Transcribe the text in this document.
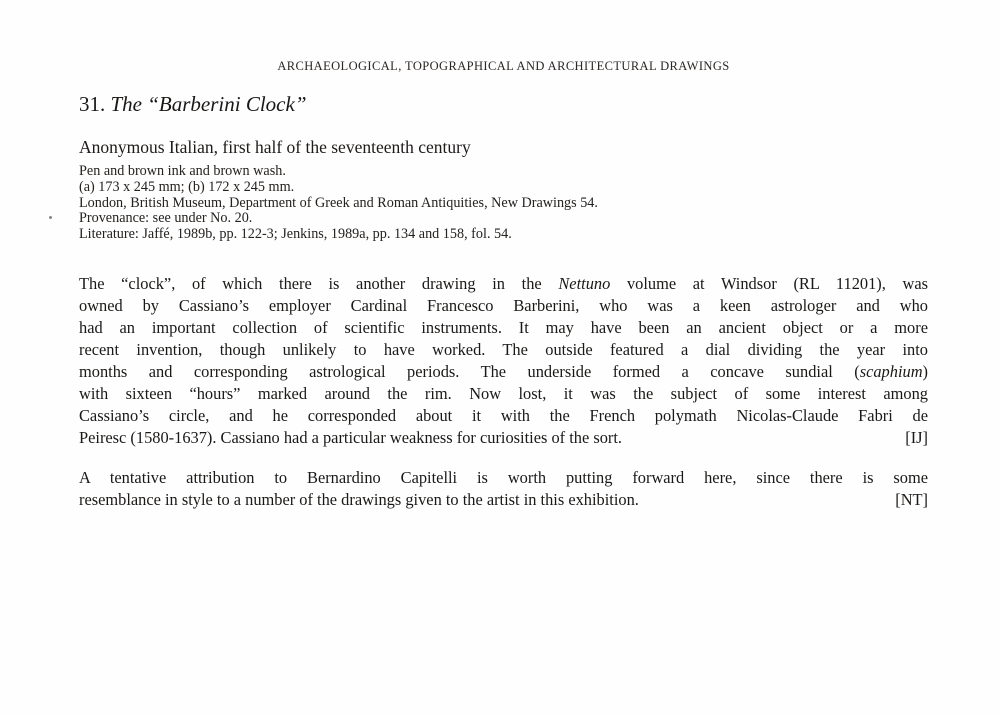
ARCHAEOLOGICAL, TOPOGRAPHICAL AND ARCHITECTURAL DRAWINGS
31. The “Barberini Clock”
Anonymous Italian, first half of the seventeenth century
Pen and brown ink and brown wash.
(a) 173 x 245 mm; (b) 172 x 245 mm.
London, British Museum, Department of Greek and Roman Antiquities, New Drawings 54.
Provenance: see under No. 20.
Literature: Jaffé, 1989b, pp. 122-3; Jenkins, 1989a, pp. 134 and 158, fol. 54.
The “clock”, of which there is another drawing in the Nettuno volume at Windsor (RL 11201), was
owned by Cassiano’s employer Cardinal Francesco Barberini, who was a keen astrologer and who
had an important collection of scientific instruments. It may have been an ancient object or a more
recent invention, though unlikely to have worked. The outside featured a dial dividing the year into
months and corresponding astrological periods. The underside formed a concave sundial (scaphium)
with sixteen “hours” marked around the rim. Now lost, it was the subject of some interest among
Cassiano’s circle, and he corresponded about it with the French polymath Nicolas-Claude Fabri de
Peiresc (1580-1637). Cassiano had a particular weakness for curiosities of the sort.	[IJ]
A tentative attribution to Bernardino Capitelli is worth putting forward here, since there is some
resemblance in style to a number of the drawings given to the artist in this exhibition.	[NT]
